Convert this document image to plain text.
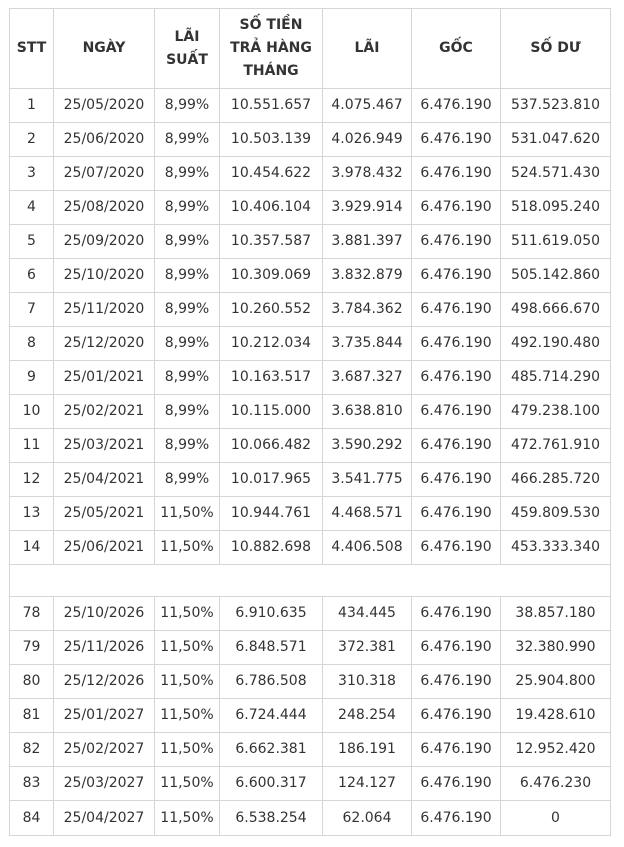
STT	NGÀY	LÃI SUẤT	SỐ TIỀN TRẢ HÀNG THÁNG	LÃI	GỐC	SỐ DƯ
1	25/05/2020	8,99%	10.551.657	4.075.467	6.476.190	537.523.810
2	25/06/2020	8,99%	10.503.139	4.026.949	6.476.190	531.047.620
3	25/07/2020	8,99%	10.454.622	3.978.432	6.476.190	524.571.430
4	25/08/2020	8,99%	10.406.104	3.929.914	6.476.190	518.095.240
5	25/09/2020	8,99%	10.357.587	3.881.397	6.476.190	511.619.050
6	25/10/2020	8,99%	10.309.069	3.832.879	6.476.190	505.142.860
7	25/11/2020	8,99%	10.260.552	3.784.362	6.476.190	498.666.670
8	25/12/2020	8,99%	10.212.034	3.735.844	6.476.190	492.190.480
9	25/01/2021	8,99%	10.163.517	3.687.327	6.476.190	485.714.290
10	25/02/2021	8,99%	10.115.000	3.638.810	6.476.190	479.238.100
11	25/03/2021	8,99%	10.066.482	3.590.292	6.476.190	472.761.910
12	25/04/2021	8,99%	10.017.965	3.541.775	6.476.190	466.285.720
13	25/05/2021	11,50%	10.944.761	4.468.571	6.476.190	459.809.530
14	25/06/2021	11,50%	10.882.698	4.406.508	6.476.190	453.333.340

78	25/10/2026	11,50%	6.910.635	434.445	6.476.190	38.857.180
79	25/11/2026	11,50%	6.848.571	372.381	6.476.190	32.380.990
80	25/12/2026	11,50%	6.786.508	310.318	6.476.190	25.904.800
81	25/01/2027	11,50%	6.724.444	248.254	6.476.190	19.428.610
82	25/02/2027	11,50%	6.662.381	186.191	6.476.190	12.952.420
83	25/03/2027	11,50%	6.600.317	124.127	6.476.190	6.476.230
84	25/04/2027	11,50%	6.538.254	62.064	6.476.190	0
